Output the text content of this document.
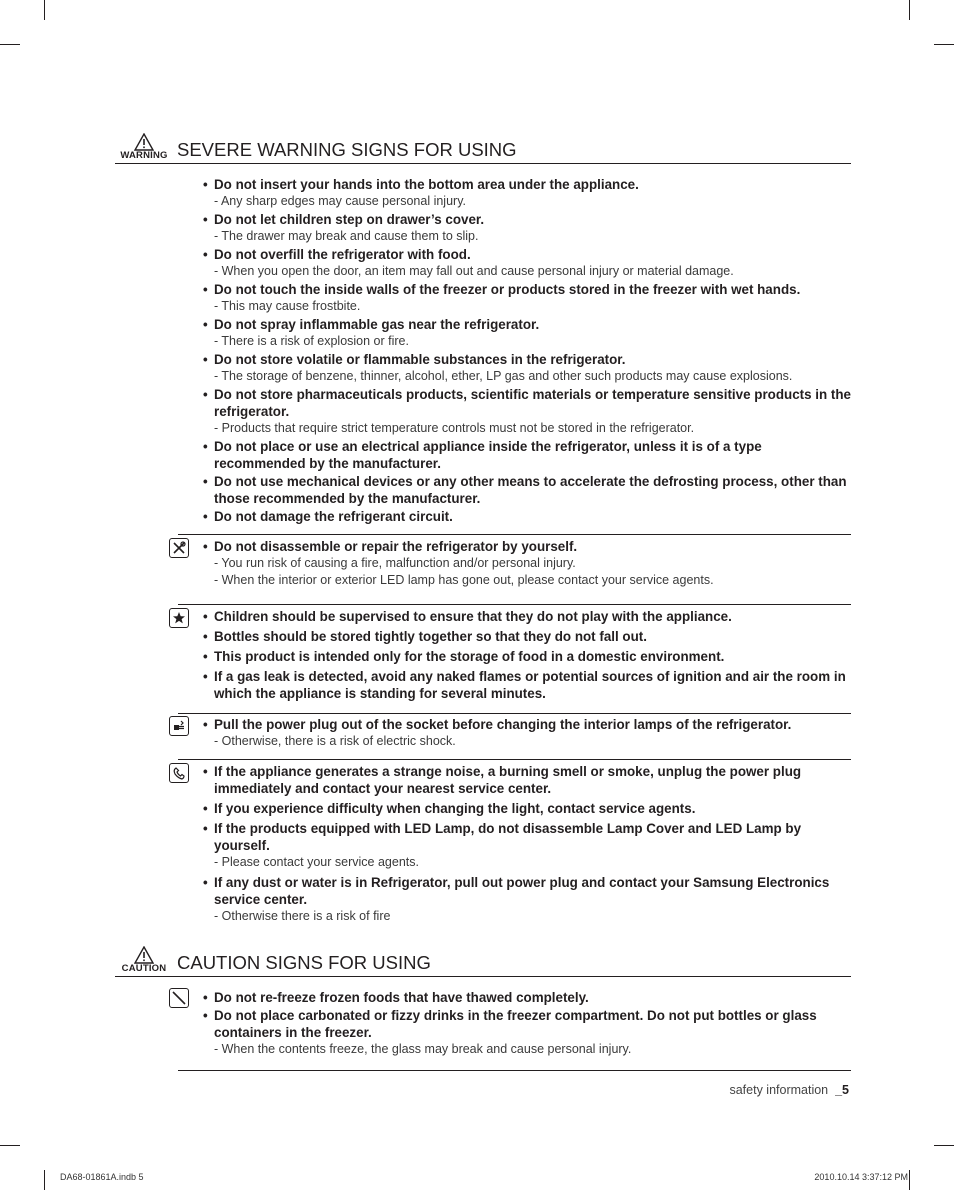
WARNING SEVERE WARNING SIGNS FOR USING
• Do not insert your hands into the bottom area under the appliance.
- Any sharp edges may cause personal injury.
• Do not let children step on drawer’s cover.
- The drawer may break and cause them to slip.
• Do not overfill the refrigerator with food.
- When you open the door, an item may fall out and cause personal injury or material damage.
• Do not touch the inside walls of the freezer or products stored in the freezer with wet hands.
- This may cause frostbite.
• Do not spray inflammable gas near the refrigerator.
- There is a risk of explosion or fire.
• Do not store volatile or flammable substances in the refrigerator.
- The storage of benzene, thinner, alcohol, ether, LP gas and other such products may cause explosions.
• Do not store pharmaceuticals products, scientific materials or temperature sensitive products in the refrigerator.
- Products that require strict temperature controls must not be stored in the refrigerator.
• Do not place or use an electrical appliance inside the refrigerator, unless it is of a type recommended by the manufacturer.
• Do not use mechanical devices or any other means to accelerate the defrosting process, other than those recommended by the manufacturer.
• Do not damage the refrigerant circuit.
• Do not disassemble or repair the refrigerator by yourself.
- You run risk of causing a fire, malfunction and/or personal injury.
- When the interior or exterior LED lamp has gone out, please contact your service agents.
• Children should be supervised to ensure that they do not play with the appliance.
• Bottles should be stored tightly together so that they do not fall out.
• This product is intended only for the storage of food in a domestic environment.
• If a gas leak is detected, avoid any naked flames or potential sources of ignition and air the room in which the appliance is standing for several minutes.
• Pull the power plug out of the socket before changing the interior lamps of the refrigerator.
- Otherwise, there is a risk of electric shock.
• If the appliance generates a strange noise, a burning smell or smoke, unplug the power plug immediately and contact your nearest service center.
• If you experience difficulty when changing the light, contact service agents.
• If the products equipped with LED Lamp, do not disassemble Lamp Cover and LED Lamp by yourself.
- Please contact your service agents.
• If any dust or water is in Refrigerator, pull out power plug and contact your Samsung Electronics service center.
- Otherwise there is a risk of fire
CAUTION CAUTION SIGNS FOR USING
• Do not re-freeze frozen foods that have thawed completely.
• Do not place carbonated or fizzy drinks in the freezer compartment. Do not put bottles or glass containers in the freezer.
- When the contents freeze, the glass may break and cause personal injury.
safety information _5
DA68-01861A.indb 5	2010.10.14 3:37:12 PM
